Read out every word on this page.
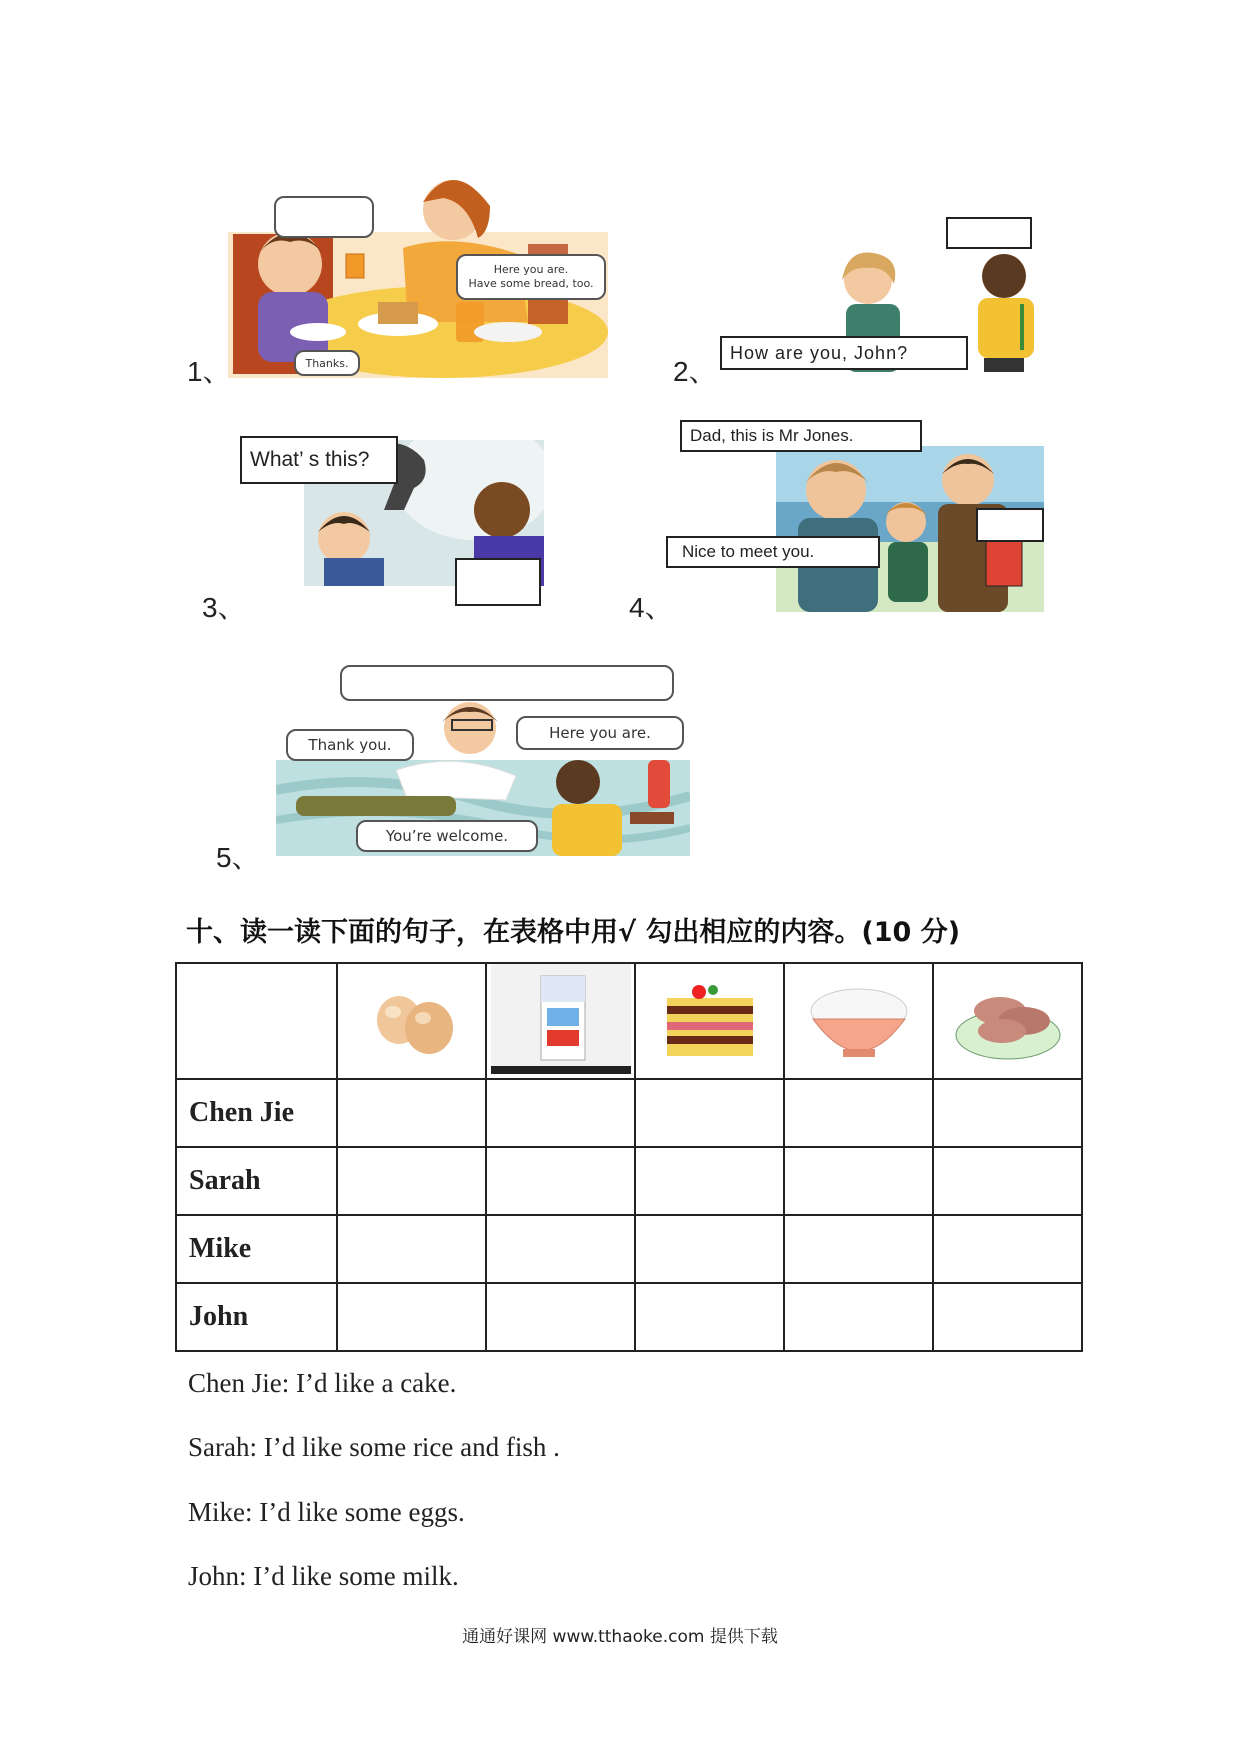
Here you are.
Have some bread, too.
Thanks.
1、
How are you, John?
2、
What’ s this?
3、
Dad, this is Mr Jones.
Nice to meet you.
4、
Thank you.
Here you are.
You’re welcome.
5、
十、读一读下面的句子，在表格中用√ 勾出相应的内容。(10 分)

Chen Jie					
Sarah					
Mike					
John					
Chen Jie: I’d like a cake.
Sarah: I’d like some rice and fish .
Mike: I’d like some eggs.
John: I’d like some milk.
通通好课网 www.tthaoke.com 提供下载
